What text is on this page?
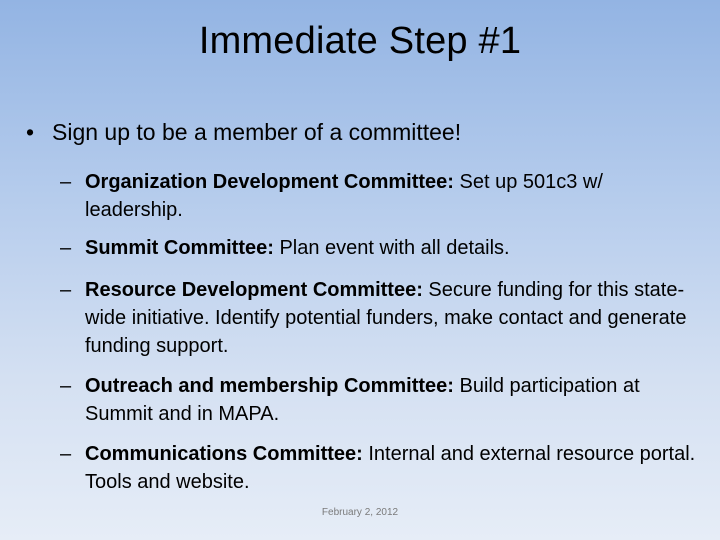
Immediate Step #1
• Sign up to be a member of a committee!
– Organization Development Committee: Set up 501c3 w/ leadership.
– Summit Committee: Plan event with all details.
– Resource Development Committee: Secure funding for this state-wide initiative. Identify potential funders, make contact and generate funding support.
– Outreach and membership Committee: Build participation at Summit and in MAPA.
– Communications Committee: Internal and external resource portal. Tools and website.
February 2, 2012
